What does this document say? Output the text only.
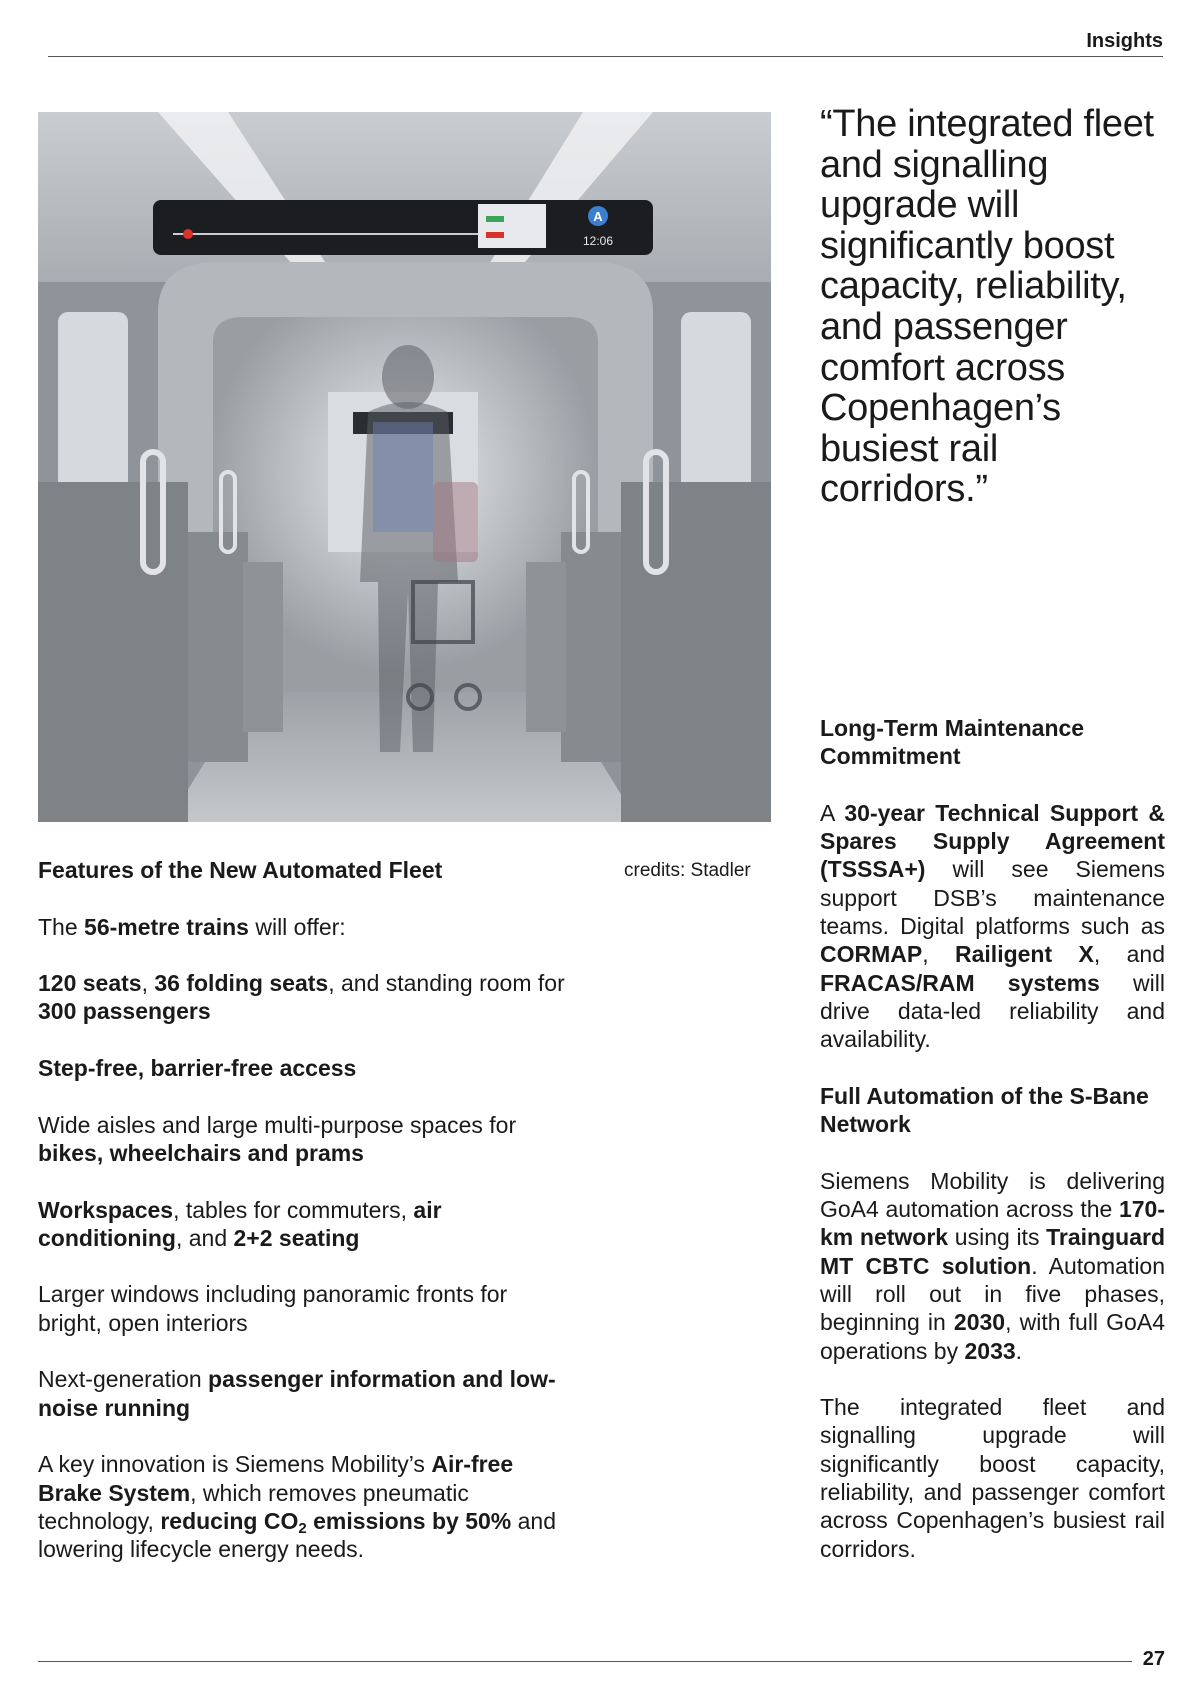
Insights
A
12:06
credits: Stadler
“The integrated fleet and signalling upgrade will significantly boost capacity, reliability, and passenger comfort across Copenhagen’s busiest rail corridors.”

Features of the New Automated Fleet

The 56-metre trains will offer:

120 seats, 36 folding seats, and standing room for 300 passengers

Step-free, barrier-free access

Wide aisles and large multi-purpose spaces for bikes, wheelchairs and prams

Workspaces, tables for commuters, air conditioning, and 2+2 seating

Larger windows including panoramic fronts for bright, open interiors

Next-generation passenger information and low-noise running

A key innovation is Siemens Mobility’s Air-free Brake System, which removes pneumatic technology, reducing $CO_2$ emissions by 50% and lowering lifecycle energy needs.

Long-Term Maintenance Commitment

A 30-year Technical Support & Spares Supply Agreement (TSSSA+) will see Siemens support DSB’s maintenance teams. Digital platforms such as CORMAP, Railigent X, and FRACAS/RAM systems will drive data-led reliability and availability.

Full Automation of the S-Bane Network

Siemens Mobility is delivering GoA4 automation across the 170-km network using its Trainguard MT CBTC solution. Automation will roll out in five phases, beginning in 2030, with full GoA4 operations by 2033.

The integrated fleet and signalling upgrade will significantly boost capacity, reliability, and passenger comfort across Copenhagen’s busiest rail corridors.

27
